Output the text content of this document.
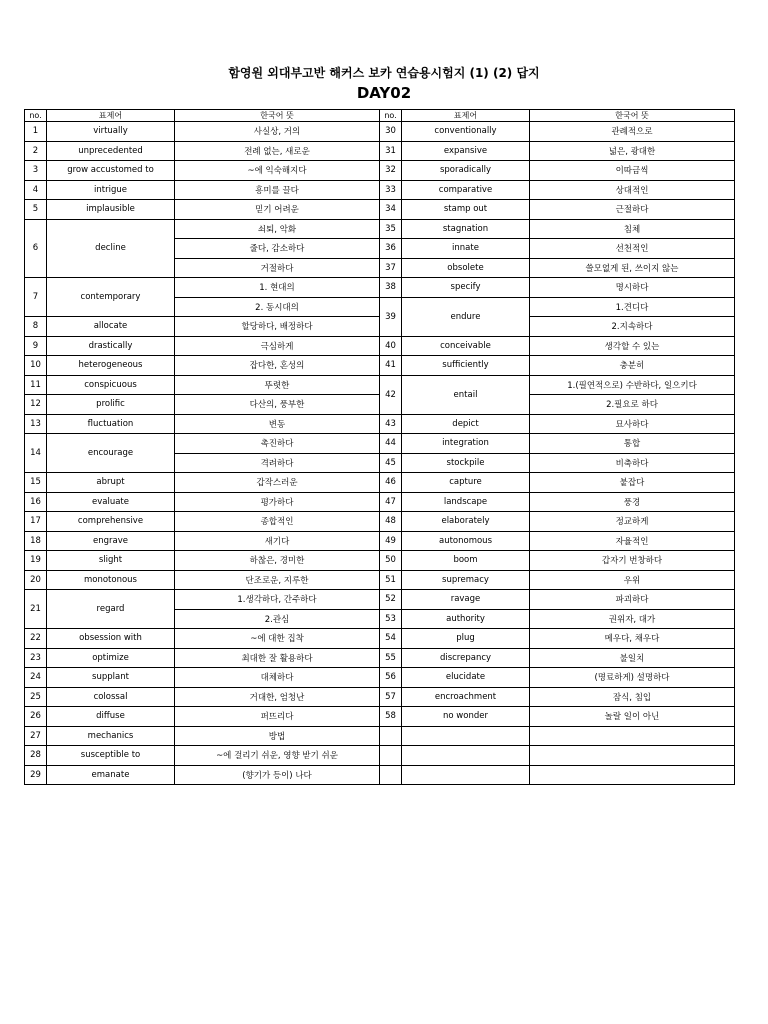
함영원 외대부고반 해커스 보카 연습용시험지 (1) (2) 답지
DAY02
no.	표제어	한국어 뜻	no.	표제어	한국어 뜻
1	virtually	사실상, 거의	30	conventionally	관례적으로
2	unprecedented	전례 없는, 새로운	31	expansive	넓은, 광대한
3	grow accustomed to	~에 익숙해지다	32	sporadically	이따금씩
4	intrigue	흥미를 끌다	33	comparative	상대적인
5	implausible	믿기 어려운	34	stamp out	근절하다
6	decline	쇠퇴, 악화	35	stagnation	침체
		줄다, 감소하다	36	innate	선천적인
		거절하다	37	obsolete	쓸모없게 된, 쓰이지 않는
7	contemporary	1. 현대의	38	specify	명시하다
		2. 동시대의	39	endure	1.견디다
8	allocate	할당하다, 배정하다			2.지속하다
9	drastically	극심하게	40	conceivable	생각할 수 있는
10	heterogeneous	잡다한, 혼성의	41	sufficiently	충분히
11	conspicuous	뚜렷한	42	entail	1.(필연적으로) 수반하다, 일으키다
12	prolific	다산의, 풍부한			2.필요로 하다
13	fluctuation	변동	43	depict	묘사하다
14	encourage	촉진하다	44	integration	통합
		격려하다	45	stockpile	비축하다
15	abrupt	갑작스러운	46	capture	붙잡다
16	evaluate	평가하다	47	landscape	풍경
17	comprehensive	종합적인	48	elaborately	정교하게
18	engrave	새기다	49	autonomous	자율적인
19	slight	하찮은, 경미한	50	boom	갑자기 번창하다
20	monotonous	단조로운, 지루한	51	supremacy	우위
21	regard	1.생각하다, 간주하다	52	ravage	파괴하다
		2.관심	53	authority	권위자, 대가
22	obsession with	~에 대한 집착	54	plug	메우다, 채우다
23	optimize	최대한 잘 활용하다	55	discrepancy	불일치
24	supplant	대체하다	56	elucidate	(명료하게) 설명하다
25	colossal	거대한, 엄청난	57	encroachment	잠식, 침입
26	diffuse	퍼뜨리다	58	no wonder	놀랄 일이 아닌
27	mechanics	방법			
28	susceptible to	~에 걸리기 쉬운, 영향 받기 쉬운			
29	emanate	(향기가 등이) 나다			
